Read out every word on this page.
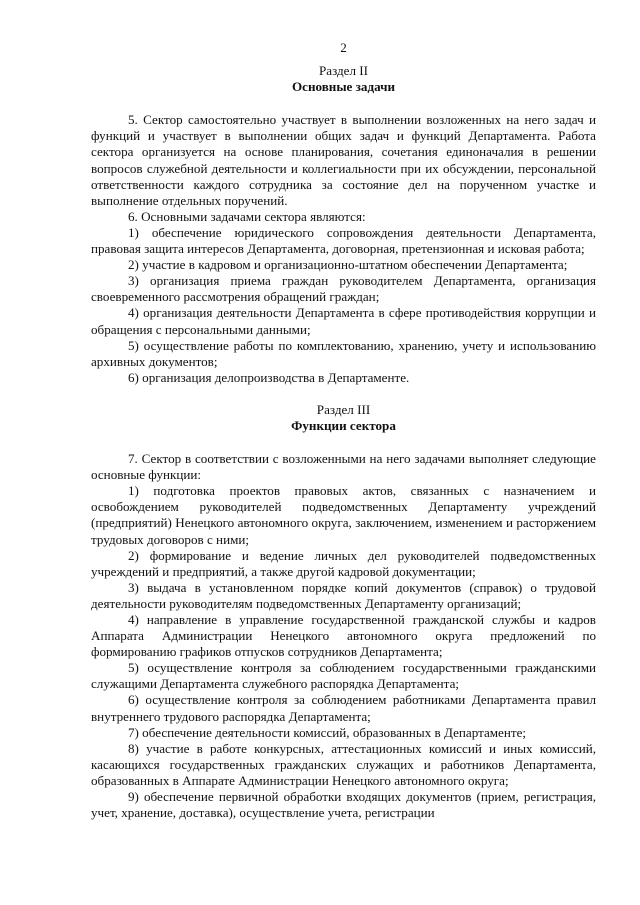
2
Раздел II
Основные задачи

5. Сектор самостоятельно участвует в выполнении возложенных на него задач и функций и участвует в выполнении общих задач и функций Департамента. Работа сектора организуется на основе планирования, сочетания единоначалия в решении вопросов служебной деятельности и коллегиальности при их обсуждении, персональной ответственности каждого сотрудника за состояние дел на порученном участке и выполнение отдельных поручений.

6. Основными задачами сектора являются:

1) обеспечение юридического сопровождения деятельности Департамента, правовая защита интересов Департамента, договорная, претензионная и исковая работа;

2) участие в кадровом и организационно-штатном обеспечении Департамента;

3) организация приема граждан руководителем Департамента, организация своевременного рассмотрения обращений граждан;

4) организация деятельности Департамента в сфере противодействия коррупции и обращения с персональными данными;

5) осуществление работы по комплектованию, хранению, учету и использованию архивных документов;

6) организация делопроизводства в Департаменте.

Раздел III
Функции сектора

7. Сектор в соответствии с возложенными на него задачами выполняет следующие основные функции:

1) подготовка проектов правовых актов, связанных с назначением и освобождением руководителей подведомственных Департаменту учреждений (предприятий) Ненецкого автономного округа, заключением, изменением и расторжением трудовых договоров с ними;

2) формирование и ведение личных дел руководителей подведомственных учреждений и предприятий, а также другой кадровой документации;

3) выдача в установленном порядке копий документов (справок) о трудовой деятельности руководителям подведомственных Департаменту организаций;

4) направление в управление государственной гражданской службы и кадров Аппарата Администрации Ненецкого автономного округа предложений по формированию графиков отпусков сотрудников Департамента;

5) осуществление контроля за соблюдением государственными гражданскими служащими Департамента служебного распорядка Департамента;

6) осуществление контроля за соблюдением работниками Департамента правил внутреннего трудового распорядка Департамента;

7) обеспечение деятельности комиссий, образованных в Департаменте;

8) участие в работе конкурсных, аттестационных комиссий и иных комиссий, касающихся государственных гражданских служащих и работников Департамента, образованных в Аппарате Администрации Ненецкого автономного округа;

9) обеспечение первичной обработки входящих документов (прием, регистрация, учет, хранение, доставка), осуществление учета, регистрации
